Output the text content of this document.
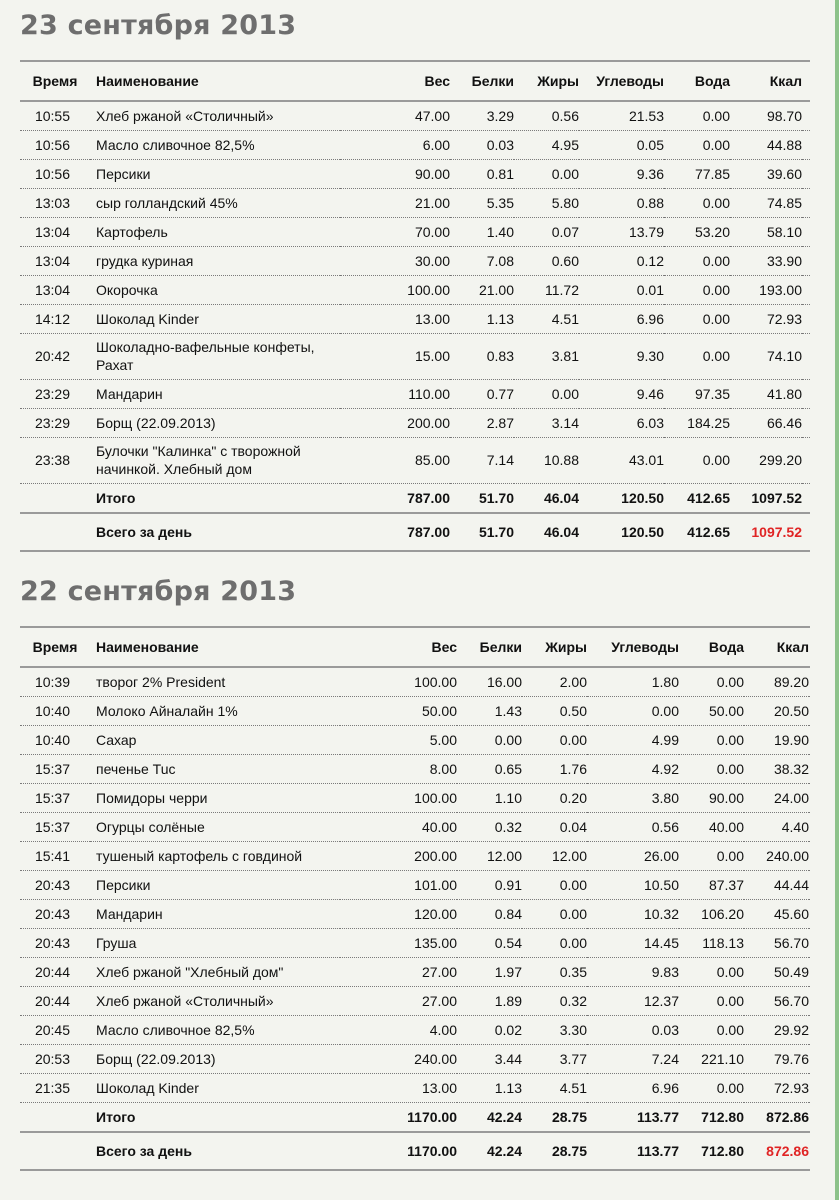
23 сентября 2013
Время	Наименование	Вес	Белки	Жиры	Углеводы	Вода	Ккал	
10:55	Хлеб ржаной «Столичный»	47.00	3.29	0.56	21.53	0.00	98.70	
10:56	Масло сливочное 82,5%	6.00	0.03	4.95	0.05	0.00	44.88	
10:56	Персики	90.00	0.81	0.00	9.36	77.85	39.60	
13:03	сыр голландский 45%	21.00	5.35	5.80	0.88	0.00	74.85	
13:04	Картофель	70.00	1.40	0.07	13.79	53.20	58.10	
13:04	грудка куриная	30.00	7.08	0.60	0.12	0.00	33.90	
13:04	Окорочка	100.00	21.00	11.72	0.01	0.00	193.00	
14:12	Шоколад Kinder	13.00	1.13	4.51	6.96	0.00	72.93	
20:42	Шоколадно-вафельные конфеты, Рахат	15.00	0.83	3.81	9.30	0.00	74.10	
23:29	Мандарин	110.00	0.77	0.00	9.46	97.35	41.80	
23:29	Борщ (22.09.2013)	200.00	2.87	3.14	6.03	184.25	66.46	
23:38	Булочки "Калинка" с творожной начинкой. Хлебный дом	85.00	7.14	10.88	43.01	0.00	299.20	
	Итого	787.00	51.70	46.04	120.50	412.65	1097.52	
	Всего за день	787.00	51.70	46.04	120.50	412.65	1097.52	
22 сентября 2013
Время	Наименование	Вес	Белки	Жиры	Углеводы	Вода	Ккал	
10:39	творог 2% President	100.00	16.00	2.00	1.80	0.00	89.20	
10:40	Молоко Айналайн 1%	50.00	1.43	0.50	0.00	50.00	20.50	
10:40	Сахар	5.00	0.00	0.00	4.99	0.00	19.90	
15:37	печенье Tuc	8.00	0.65	1.76	4.92	0.00	38.32	
15:37	Помидоры черри	100.00	1.10	0.20	3.80	90.00	24.00	
15:37	Огурцы солёные	40.00	0.32	0.04	0.56	40.00	4.40	
15:41	тушеный картофель с говдиной	200.00	12.00	12.00	26.00	0.00	240.00	
20:43	Персики	101.00	0.91	0.00	10.50	87.37	44.44	
20:43	Мандарин	120.00	0.84	0.00	10.32	106.20	45.60	
20:43	Груша	135.00	0.54	0.00	14.45	118.13	56.70	
20:44	Хлеб ржаной "Хлебный дом"	27.00	1.97	0.35	9.83	0.00	50.49	
20:44	Хлеб ржаной «Столичный»	27.00	1.89	0.32	12.37	0.00	56.70	
20:45	Масло сливочное 82,5%	4.00	0.02	3.30	0.03	0.00	29.92	
20:53	Борщ (22.09.2013)	240.00	3.44	3.77	7.24	221.10	79.76	
21:35	Шоколад Kinder	13.00	1.13	4.51	6.96	0.00	72.93	
	Итого	1170.00	42.24	28.75	113.77	712.80	872.86	
	Всего за день	1170.00	42.24	28.75	113.77	712.80	872.86	
